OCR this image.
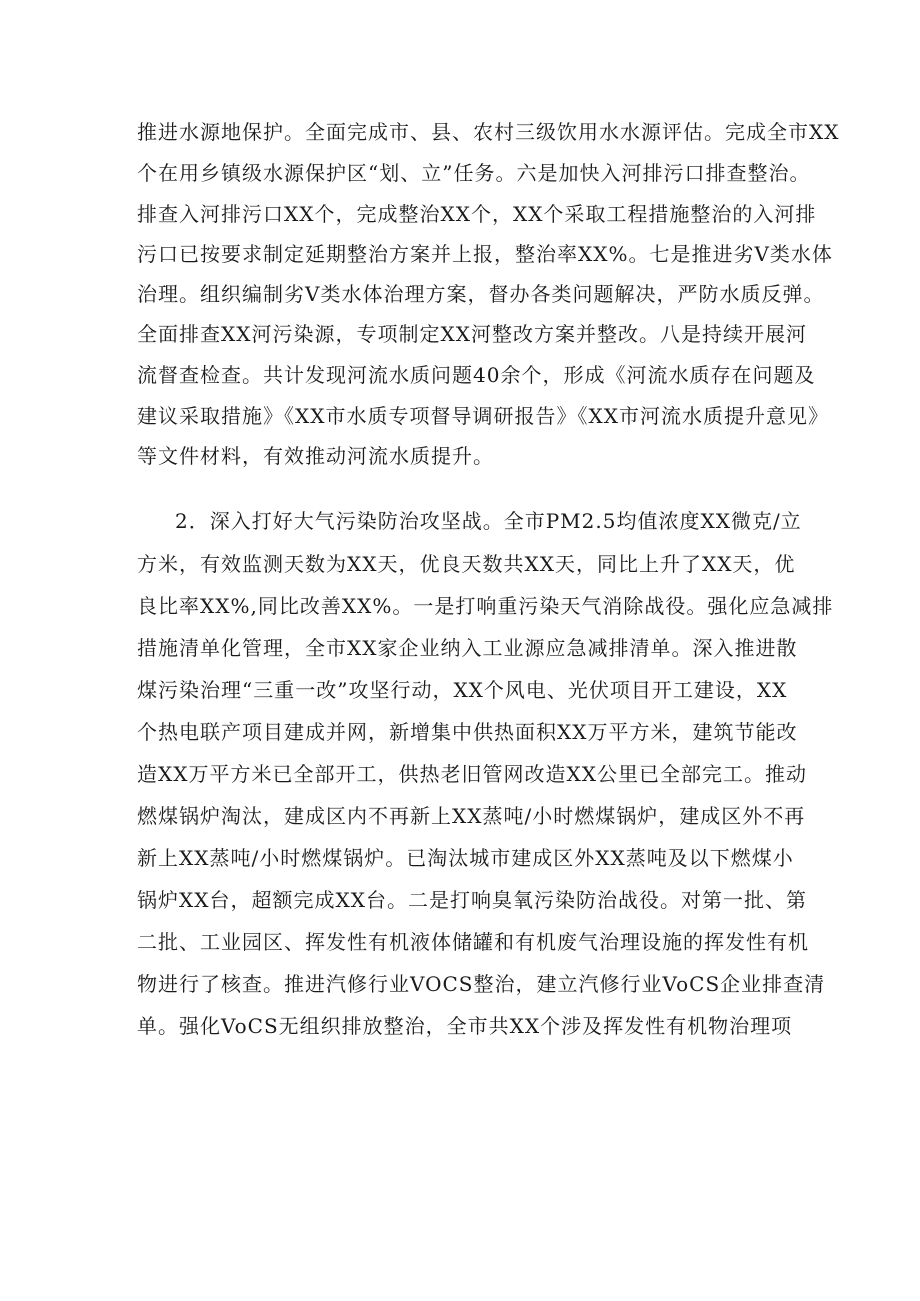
推进水源地保护。全面完成市、县、农村三级饮用水水源评估。完成全市XX
个在用乡镇级水源保护区“划、立”任务。六是加快入河排污口排查整治。
排查入河排污口XX个，完成整治XX个，XX个采取工程措施整治的入河排
污口已按要求制定延期整治方案并上报，整治率XX%。七是推进劣V类水体
治理。组织编制劣V类水体治理方案，督办各类问题解决，严防水质反弹。
全面排查XX河污染源，专项制定XX河整改方案并整改。八是持续开展河
流督查检查。共计发现河流水质问题40余个，形成《河流水质存在问题及
建议采取措施》《XX市水质专项督导调研报告》《XX市河流水质提升意见》
等文件材料，有效推动河流水质提升。
2．深入打好大气污染防治攻坚战。全市PM2.5均值浓度XX微克/立
方米，有效监测天数为XX天，优良天数共XX天，同比上升了XX天，优
良比率XX%,同比改善XX%。一是打响重污染天气消除战役。强化应急减排
措施清单化管理，全市XX家企业纳入工业源应急减排清单。深入推进散
煤污染治理“三重一改”攻坚行动，XX个风电、光伏项目开工建设，XX
个热电联产项目建成并网，新增集中供热面积XX万平方米，建筑节能改
造XX万平方米已全部开工，供热老旧管网改造XX公里已全部完工。推动
燃煤锅炉淘汰，建成区内不再新上XX蒸吨/小时燃煤锅炉，建成区外不再
新上XX蒸吨/小时燃煤锅炉。已淘汰城市建成区外XX蒸吨及以下燃煤小
锅炉XX台，超额完成XX台。二是打响臭氧污染防治战役。对第一批、第
二批、工业园区、挥发性有机液体储罐和有机废气治理设施的挥发性有机
物进行了核查。推进汽修行业VOCS整治，建立汽修行业VoCS企业排查清
单。强化VoCS无组织排放整治，全市共XX个涉及挥发性有机物治理项
